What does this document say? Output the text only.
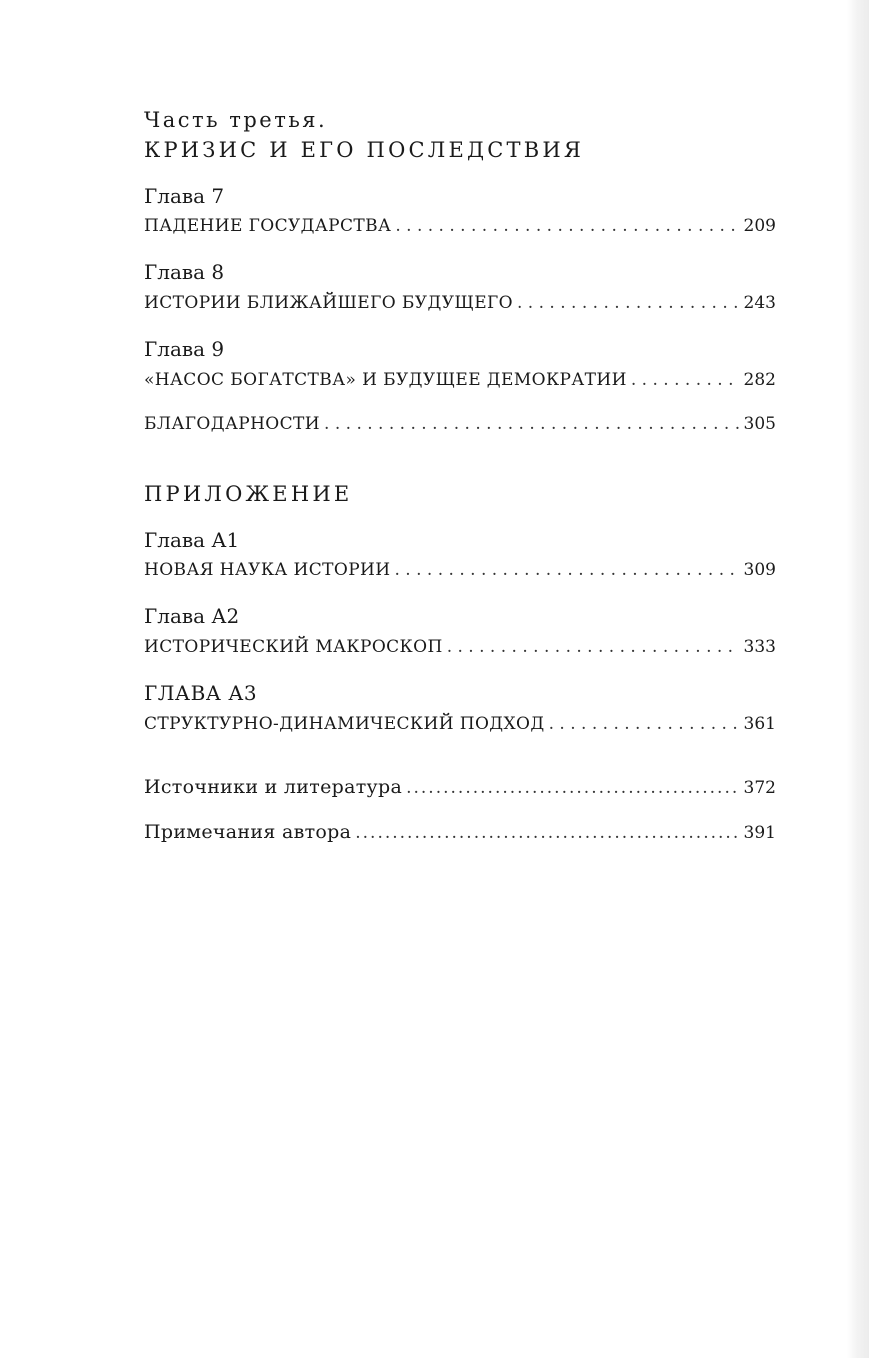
Часть третья.
КРИЗИС И ЕГО ПОСЛЕДСТВИЯ
Глава 7
ПАДЕНИЕ ГОСУДАРСТВА . . .	209
Глава 8
ИСТОРИИ БЛИЖАЙШЕГО БУДУЩЕГО . . .	243
Глава 9
«НАСОС БОГАТСТВА» И БУДУЩЕЕ ДЕМОКРАТИИ . . .	282
БЛАГОДАРНОСТИ . . .	305
ПРИЛОЖЕНИЕ
Глава А1
НОВАЯ НАУКА ИСТОРИИ . . .	309
Глава А2
ИСТОРИЧЕСКИЙ МАКРОСКОП . . .	333
ГЛАВА А3
СТРУКТУРНО-ДИНАМИЧЕСКИЙ ПОДХОД . . .	361
Источники и литература .....	372
Примечания автора .....	391
